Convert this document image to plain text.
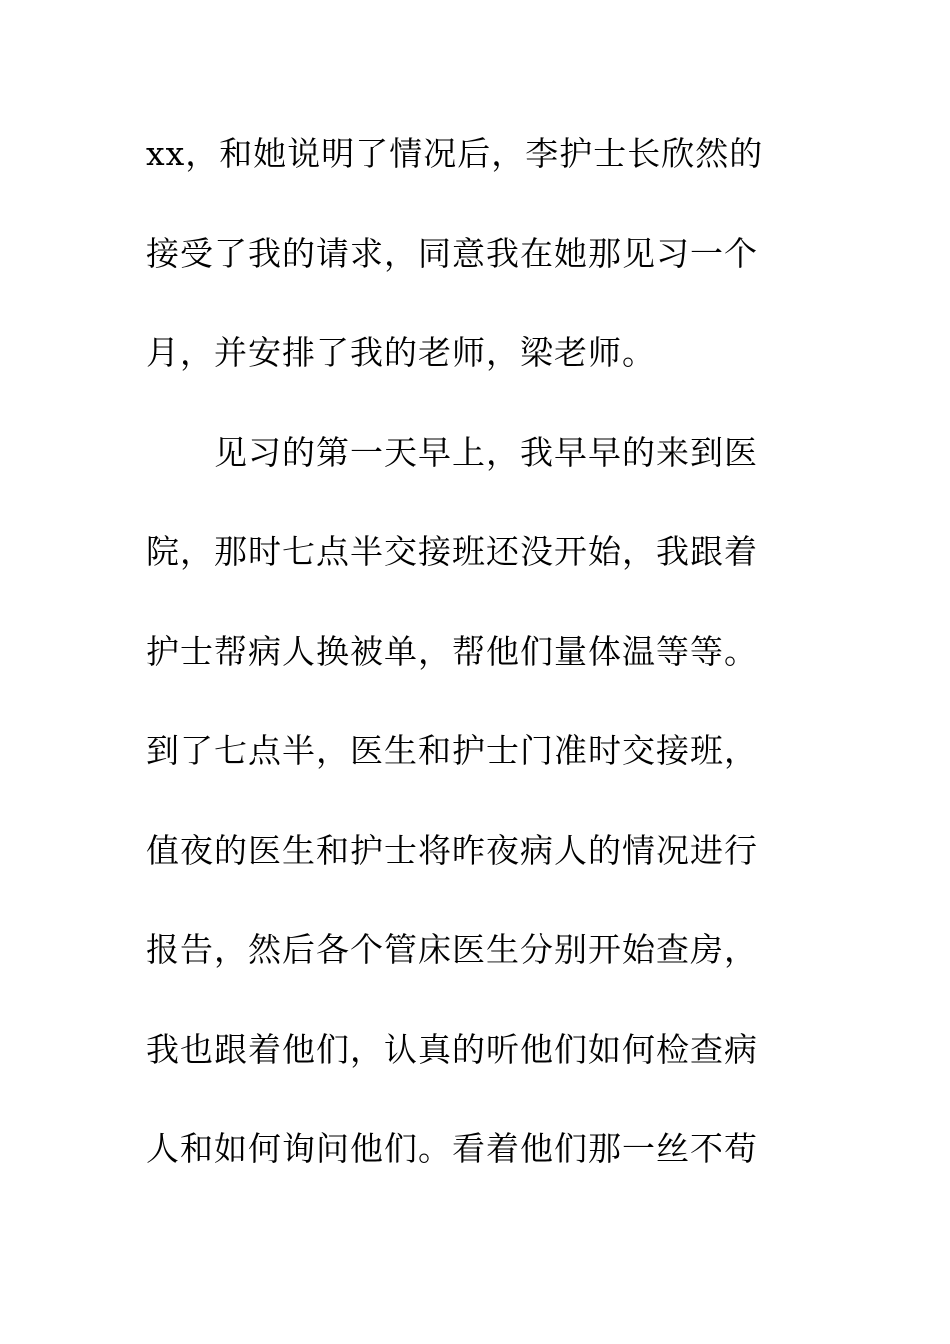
xx，和她说明了情况后，李护士长欣然的
接受了我的请求，同意我在她那见习一个
月，并安排了我的老师，梁老师。
见习的第一天早上，我早早的来到医
院，那时七点半交接班还没开始，我跟着
护士帮病人换被单，帮他们量体温等等。
到了七点半，医生和护士门准时交接班，
值夜的医生和护士将昨夜病人的情况进行
报告，然后各个管床医生分别开始查房，
我也跟着他们，认真的听他们如何检查病
人和如何询问他们。看着他们那一丝不苟
